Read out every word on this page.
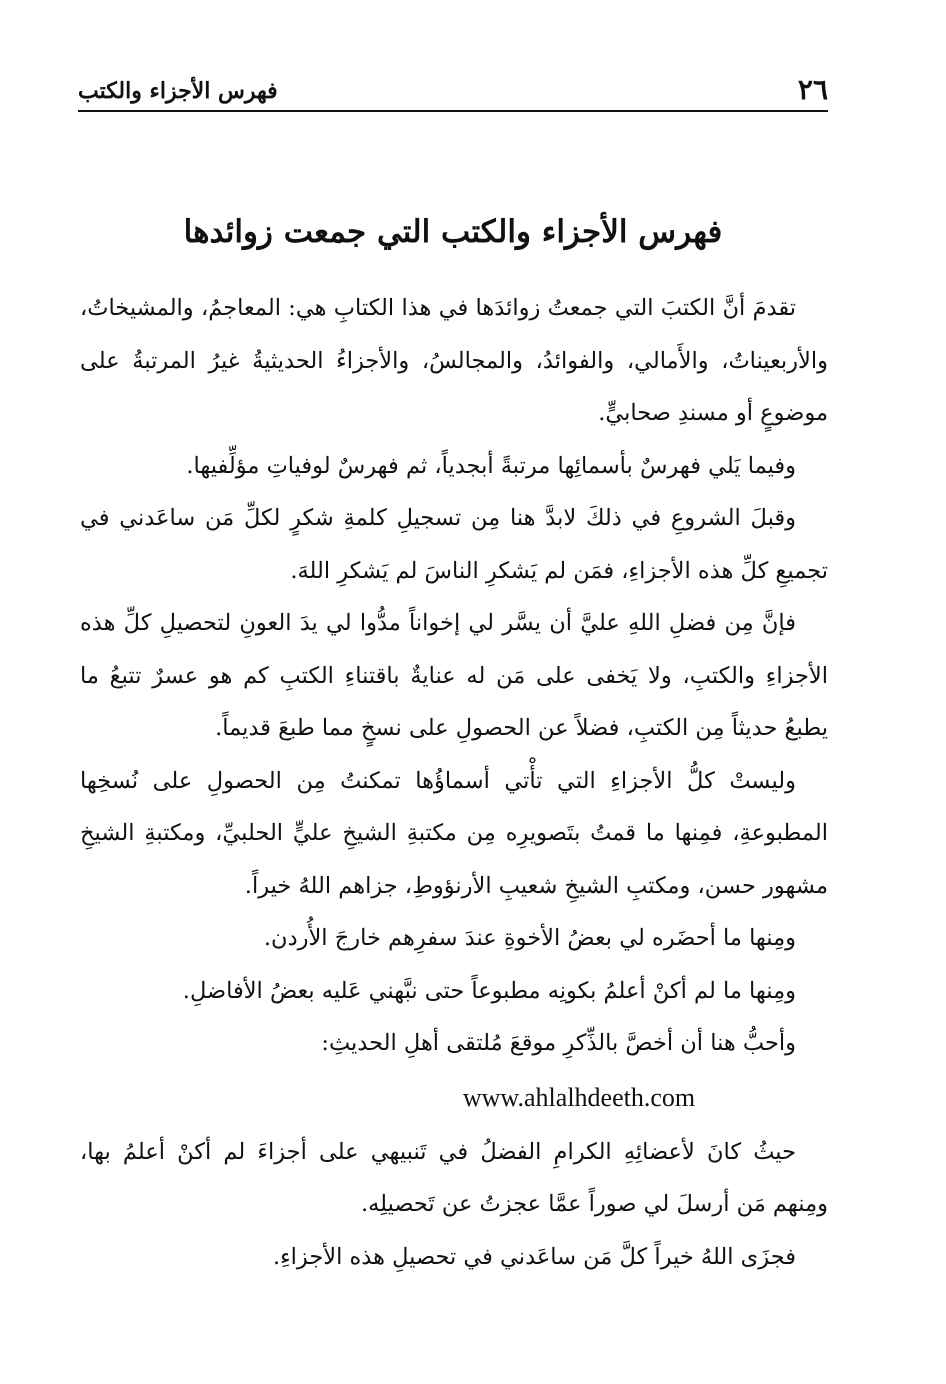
٢٦
فهرس الأجزاء والكتب
فهرس الأجزاء والكتب التي جمعت زوائدها

تقدمَ أنَّ الكتبَ التي جمعتُ زوائدَها في هذا الكتابِ هي: المعاجمُ، والمشيخاتُ، والأربعيناتُ، والأَمالي، والفوائدُ، والمجالسُ، والأجزاءُ الحديثيةُ غيرُ المرتبةُ على موضوعٍ أو مسندِ صحابيٍّ.

وفيما يَلي فهرسٌ بأسمائِها مرتبةً أبجدياً، ثم فهرسٌ لوفياتِ مؤلِّفيها.

وقبلَ الشروعِ في ذلكَ لابدَّ هنا مِن تسجيلِ كلمةِ شكرٍ لكلِّ مَن ساعَدني في تجميعِ كلِّ هذه الأجزاءِ، فمَن لم يَشكرِ الناسَ لم يَشكرِ اللهَ.

فإنَّ مِن فضلِ اللهِ عليَّ أن يسَّر لي إخواناً مدُّوا لي يدَ العونِ لتحصيلِ كلِّ هذه الأجزاءِ والكتبِ، ولا يَخفى على مَن له عنايةٌ باقتناءِ الكتبِ كم هو عسرٌ تتبعُ ما يطبعُ حديثاً مِن الكتبِ، فضلاً عن الحصولِ على نسخٍ مما طبعَ قديماً.

وليستْ كلُّ الأجزاءِ التي تأْتي أسماؤُها تمكنتُ مِن الحصولِ على نُسخِها المطبوعةِ، فمِنها ما قمتُ بتَصويرِه مِن مكتبةِ الشيخِ عليٍّ الحلبيِّ، ومكتبةِ الشيخِ مشهور حسن، ومكتبِ الشيخِ شعيبِ الأرنؤوطِ، جزاهم اللهُ خيراً.

ومِنها ما أحضَره لي بعضُ الأخوةِ عندَ سفرِهم خارجَ الأُردن.

ومِنها ما لم أكنْ أعلمُ بكونِه مطبوعاً حتى نبَّهني عَليه بعضُ الأفاضلِ.

وأحبُّ هنا أن أخصَّ بالذِّكرِ موقعَ مُلتقى أهلِ الحديثِ:

www.ahlalhdeeth.com

حيثُ كانَ لأعضائِهِ الكرامِ الفضلُ في تَنبيهي على أجزاءَ لم أكنْ أعلمُ بها، ومِنهم مَن أرسلَ لي صوراً عمَّا عجزتُ عن تَحصيلِه.

فجزَى اللهُ خيراً كلَّ مَن ساعَدني في تحصيلِ هذه الأجزاءِ.
